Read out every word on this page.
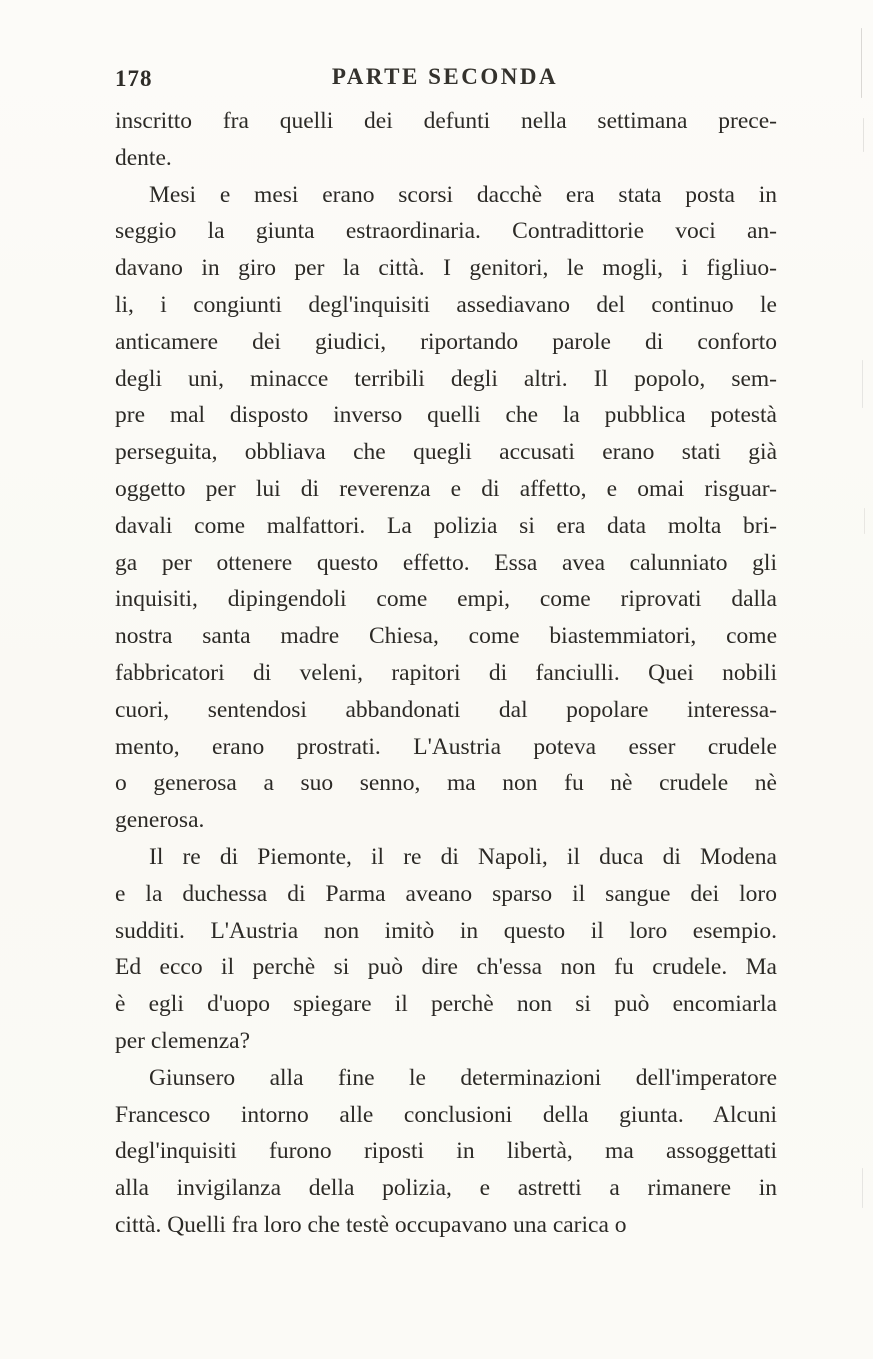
178	PARTE SECONDA
inscritto fra quelli dei defunti nella settimana prece-
dente.
Mesi e mesi erano scorsi dacchè era stata posta in
seggio la giunta estraordinaria. Contradittorie voci an-
davano in giro per la città. I genitori, le mogli, i figliuo-
li, i congiunti degl'inquisiti assediavano del continuo le
anticamere dei giudici, riportando parole di conforto
degli uni, minacce terribili degli altri. Il popolo, sem-
pre mal disposto inverso quelli che la pubblica potestà
perseguita, obbliava che quegli accusati erano stati già
oggetto per lui di reverenza e di affetto, e omai risguar-
davali come malfattori. La polizia si era data molta bri-
ga per ottenere questo effetto. Essa avea calunniato gli
inquisiti, dipingendoli come empi, come riprovati dalla
nostra santa madre Chiesa, come biastemmiatori, come
fabbricatori di veleni, rapitori di fanciulli. Quei nobili
cuori, sentendosi abbandonati dal popolare interessa-
mento, erano prostrati. L'Austria poteva esser crudele
o generosa a suo senno, ma non fu nè crudele nè
generosa.
Il re di Piemonte, il re di Napoli, il duca di Modena
e la duchessa di Parma aveano sparso il sangue dei loro
sudditi. L'Austria non imitò in questo il loro esempio.
Ed ecco il perchè si può dire ch'essa non fu crudele. Ma
è egli d'uopo spiegare il perchè non si può encomiarla
per clemenza?
Giunsero alla fine le determinazioni dell'imperatore
Francesco intorno alle conclusioni della giunta. Alcuni
degl'inquisiti furono riposti in libertà, ma assoggettati
alla invigilanza della polizia, e astretti a rimanere in
città. Quelli fra loro che testè occupavano una carica o
